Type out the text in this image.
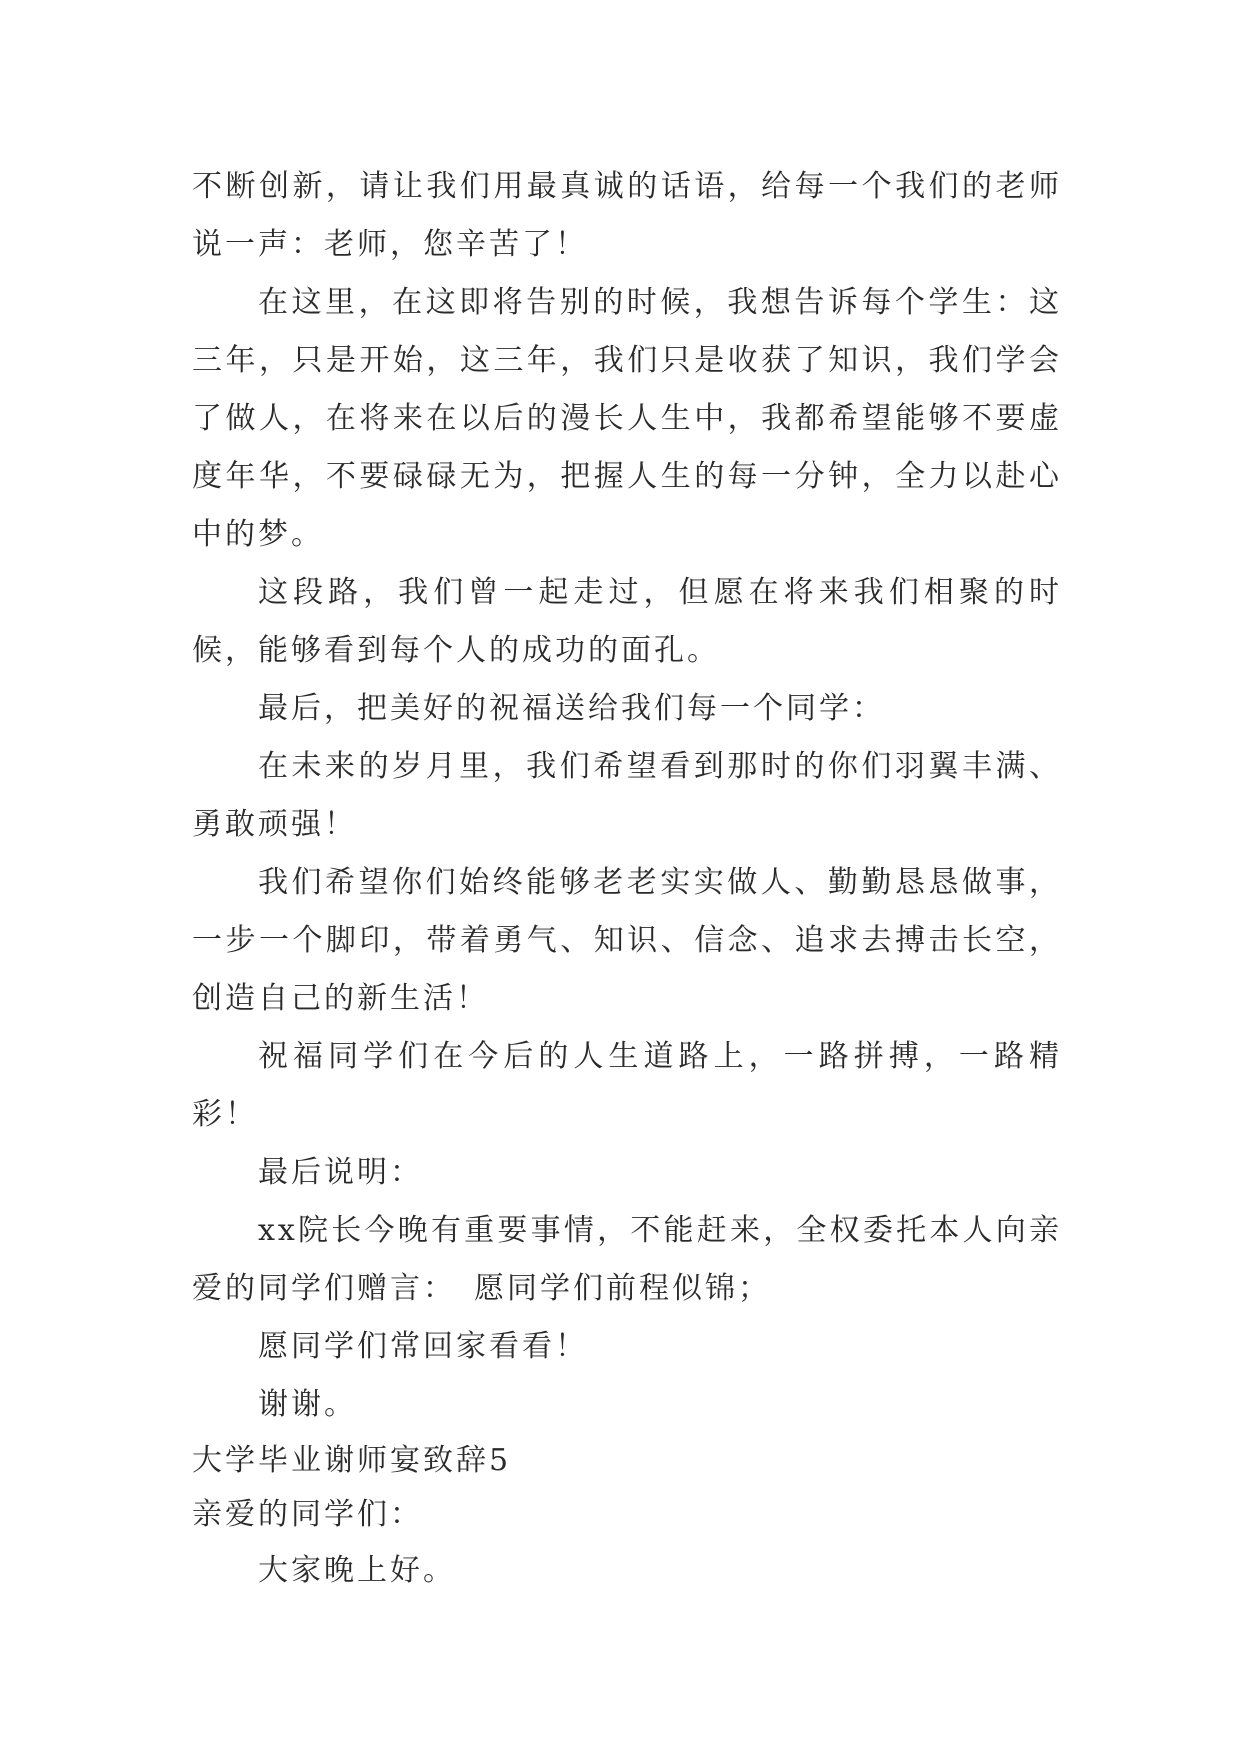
不断创新，请让我们用最真诚的话语，给每一个我们的老师说一声：老师，您辛苦了！

在这里，在这即将告别的时候，我想告诉每个学生：这三年，只是开始，这三年，我们只是收获了知识，我们学会了做人，在将来在以后的漫长人生中，我都希望能够不要虚度年华，不要碌碌无为，把握人生的每一分钟，全力以赴心中的梦。

这段路，我们曾一起走过，但愿在将来我们相聚的时候，能够看到每个人的成功的面孔。

最后，把美好的祝福送给我们每一个同学：

在未来的岁月里，我们希望看到那时的你们羽翼丰满、勇敢顽强！

我们希望你们始终能够老老实实做人、勤勤恳恳做事，一步一个脚印，带着勇气、知识、信念、追求去搏击长空，创造自己的新生活！

祝福同学们在今后的人生道路上，一路拼搏，一路精彩！

最后说明：

xx院长今晚有重要事情，不能赶来，全权委托本人向亲爱的同学们赠言：　愿同学们前程似锦；

愿同学们常回家看看！

谢谢。

大学毕业谢师宴致辞5

亲爱的同学们：

大家晚上好。
